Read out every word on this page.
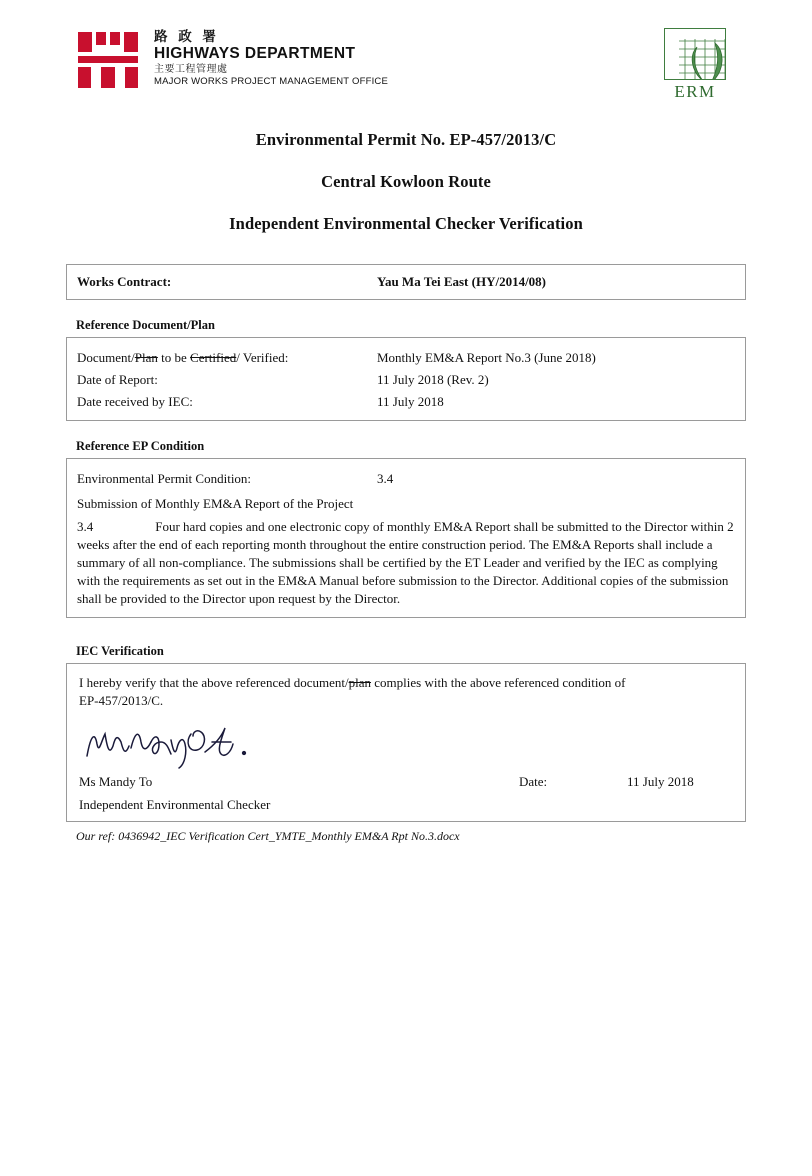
路 政 署
HIGHWAYS DEPARTMENT
主要工程管理處
MAJOR WORKS PROJECT MANAGEMENT OFFICE
ERM
Environmental Permit No. EP-457/2013/C
Central Kowloon Route
Independent Environmental Checker Verification
Works Contract:	Yau Ma Tei East (HY/2014/08)
Reference Document/Plan
Document/Plan to be Certified/ Verified:	Monthly EM&A Report No.3 (June 2018)
Date of Report:	11 July 2018 (Rev. 2)
Date received by IEC:	11 July 2018
Reference EP Condition
Environmental Permit Condition:	3.4
Submission of Monthly EM&A Report of the Project
3.4	Four hard copies and one electronic copy of monthly EM&A Report shall be submitted to the Director within 2 weeks after the end of each reporting month throughout the entire construction period. The EM&A Reports shall include a summary of all non-compliance. The submissions shall be certified by the ET Leader and verified by the IEC as complying with the requirements as set out in the EM&A Manual before submission to the Director. Additional copies of the submission shall be provided to the Director upon request by the Director.
IEC Verification
I hereby verify that the above referenced document/plan complies with the above referenced condition of
EP-457/2013/C.
Ms Mandy To	Date:	11 July 2018
Independent Environmental Checker
Our ref: 0436942_IEC Verification Cert_YMTE_Monthly EM&A Rpt No.3.docx
